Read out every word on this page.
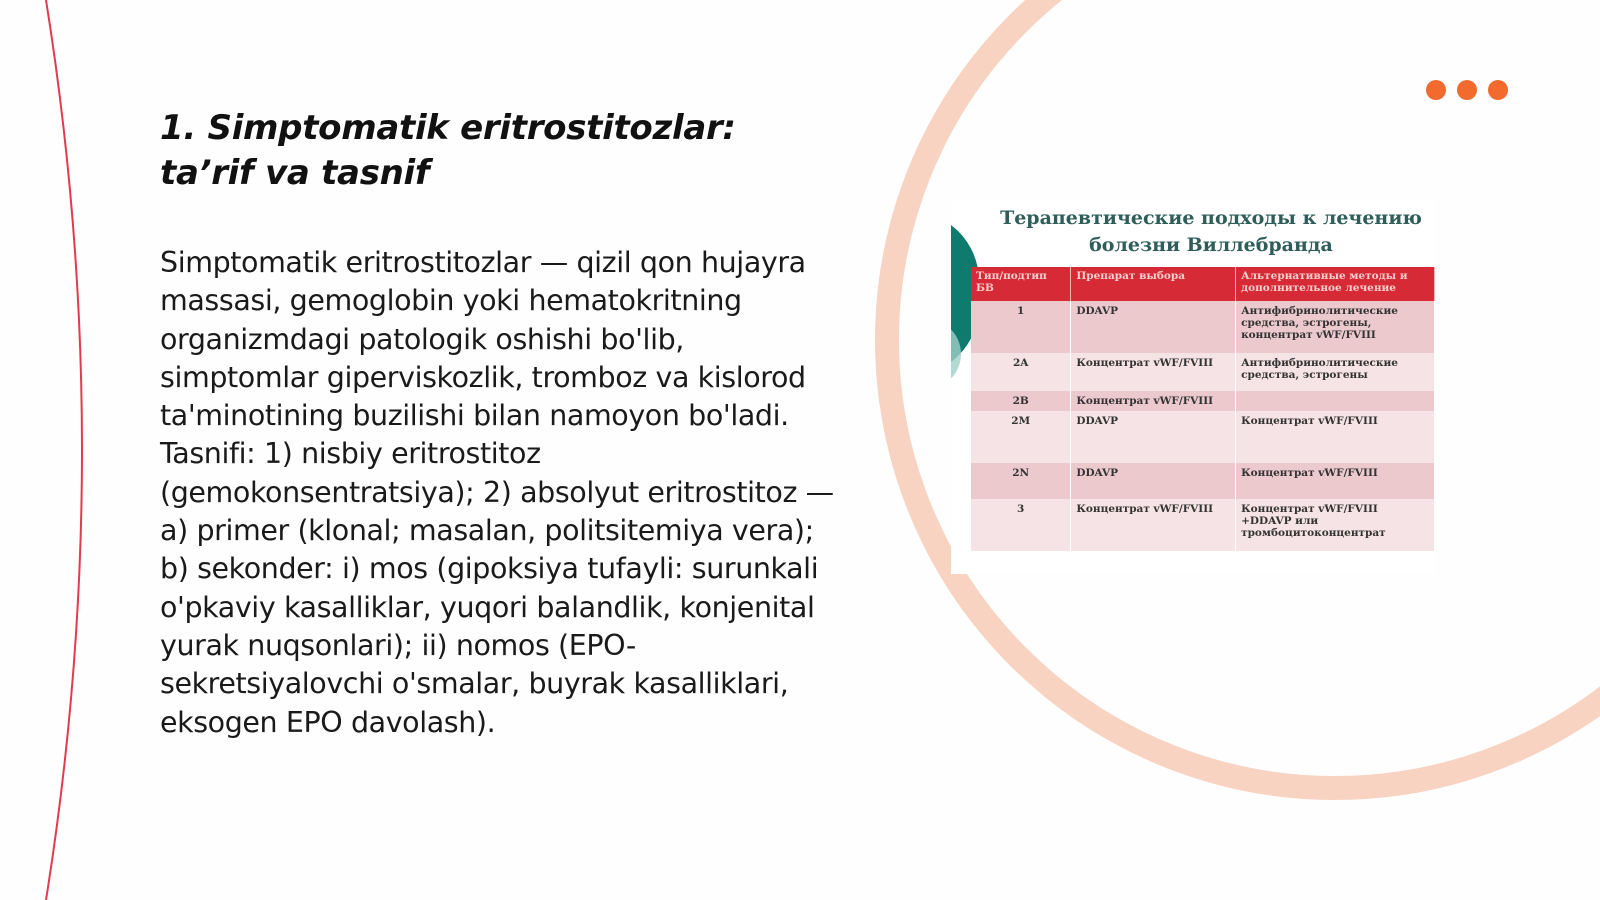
1. Simptomatik eritrostitozlar: ta’rif va tasnif

Simptomatik eritrostitozlar — qizil qon hujayra massasi, gemoglobin yoki hematokritning organizmdagi patologik oshishi bo'lib, simptomlar giperviskozlik, tromboz va kislorod ta'minotining buzilishi bilan namoyon bo'ladi. Tasnifi: 1) nisbiy eritrostitoz (gemokonsentratsiya); 2) absolyut eritrostitoz — a) primer (klonal; masalan, politsitemiya vera); b) sekonder: i) mos (gipoksiya tufayli: surunkali o'pkaviy kasalliklar, yuqori balandlik, konjenital yurak nuqsonlari); ii) nomos (EPO-sekretsiyalovchi o'smalar, buyrak kasalliklari, eksogen EPO davolash).

Терапевтические подходы к лечению болезни Виллебранда
Тип/подтип БВ	Препарат выбора	Альтернативные методы и дополнительное лечение
1	DDAVP	Антифибринолитические средства, эстрогены, концентрат vWF/FVIII
2A	Концентрат vWF/FVIII	Антифибринолитические средства, эстрогены
2B	Концентрат vWF/FVIII	
2M	DDAVP	Концентрат vWF/FVIII
2N	DDAVP	Концентрат vWF/FVIII
3	Концентрат vWF/FVIII	Концентрат vWF/FVIII +DDAVP или тромбоцитоконцентрат
